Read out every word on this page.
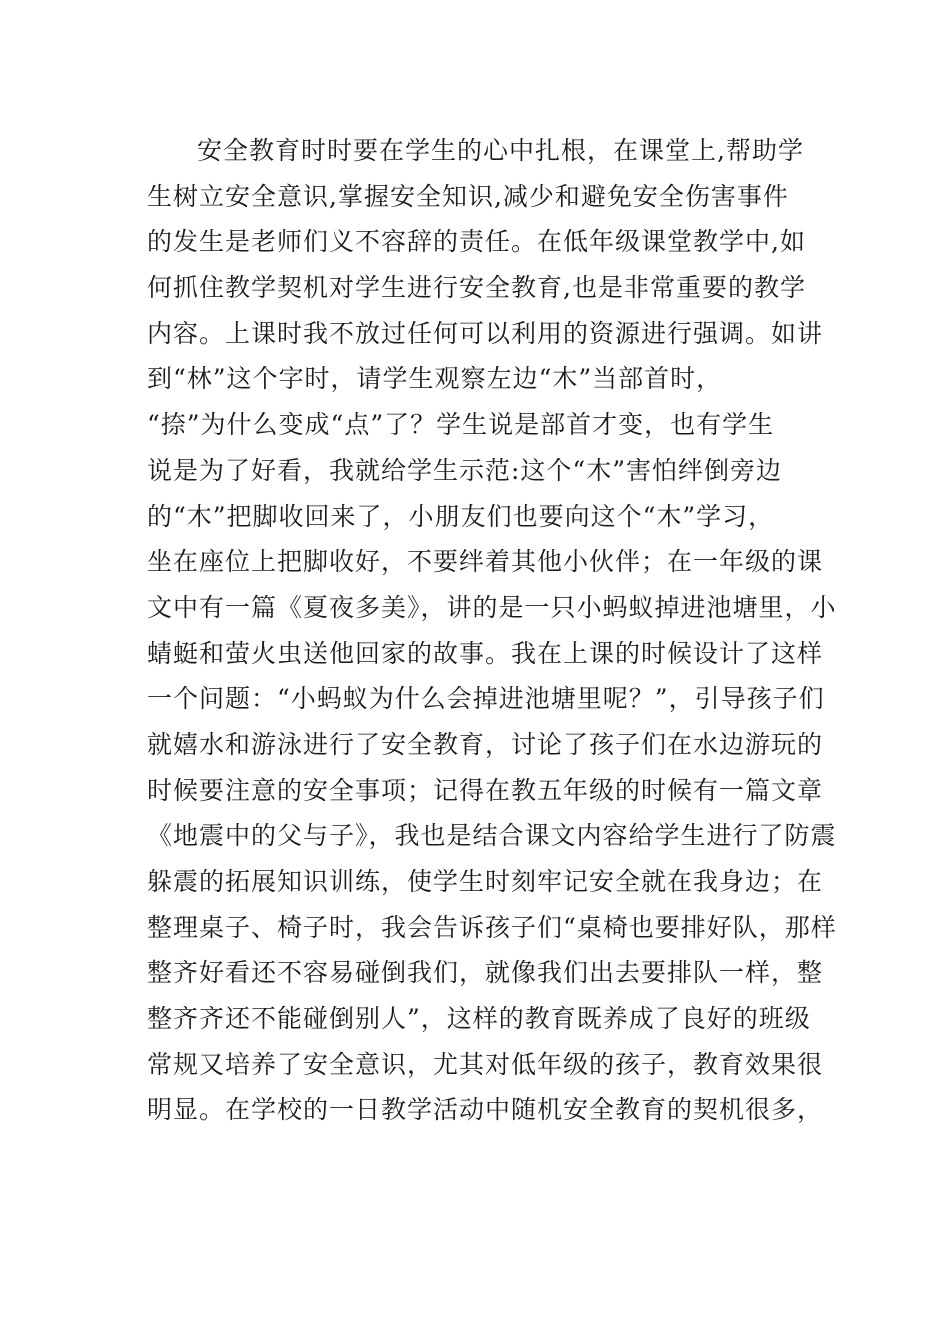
安全教育时时要在学生的心中扎根，在课堂上,帮助学
生树立安全意识,掌握安全知识,减少和避免安全伤害事件
的发生是老师们义不容辞的责任。在低年级课堂教学中,如
何抓住教学契机对学生进行安全教育,也是非常重要的教学
内容。上课时我不放过任何可以利用的资源进行强调。如讲
到“林”这个字时，请学生观察左边“木”当部首时，
“捺”为什么变成“点”了？学生说是部首才变，也有学生
说是为了好看，我就给学生示范:这个“木”害怕绊倒旁边
的“木”把脚收回来了，小朋友们也要向这个“木”学习，
坐在座位上把脚收好，不要绊着其他小伙伴；在一年级的课
文中有一篇《夏夜多美》，讲的是一只小蚂蚁掉进池塘里，小
蜻蜓和萤火虫送他回家的故事。我在上课的时候设计了这样
一个问题：“小蚂蚁为什么会掉进池塘里呢？”，引导孩子们
就嬉水和游泳进行了安全教育，讨论了孩子们在水边游玩的
时候要注意的安全事项；记得在教五年级的时候有一篇文章
《地震中的父与子》，我也是结合课文内容给学生进行了防震
躲震的拓展知识训练，使学生时刻牢记安全就在我身边；在
整理桌子、椅子时，我会告诉孩子们“桌椅也要排好队，那样
整齐好看还不容易碰倒我们，就像我们出去要排队一样，整
整齐齐还不能碰倒别人”，这样的教育既养成了良好的班级
常规又培养了安全意识，尤其对低年级的孩子，教育效果很
明显。在学校的一日教学活动中随机安全教育的契机很多，
